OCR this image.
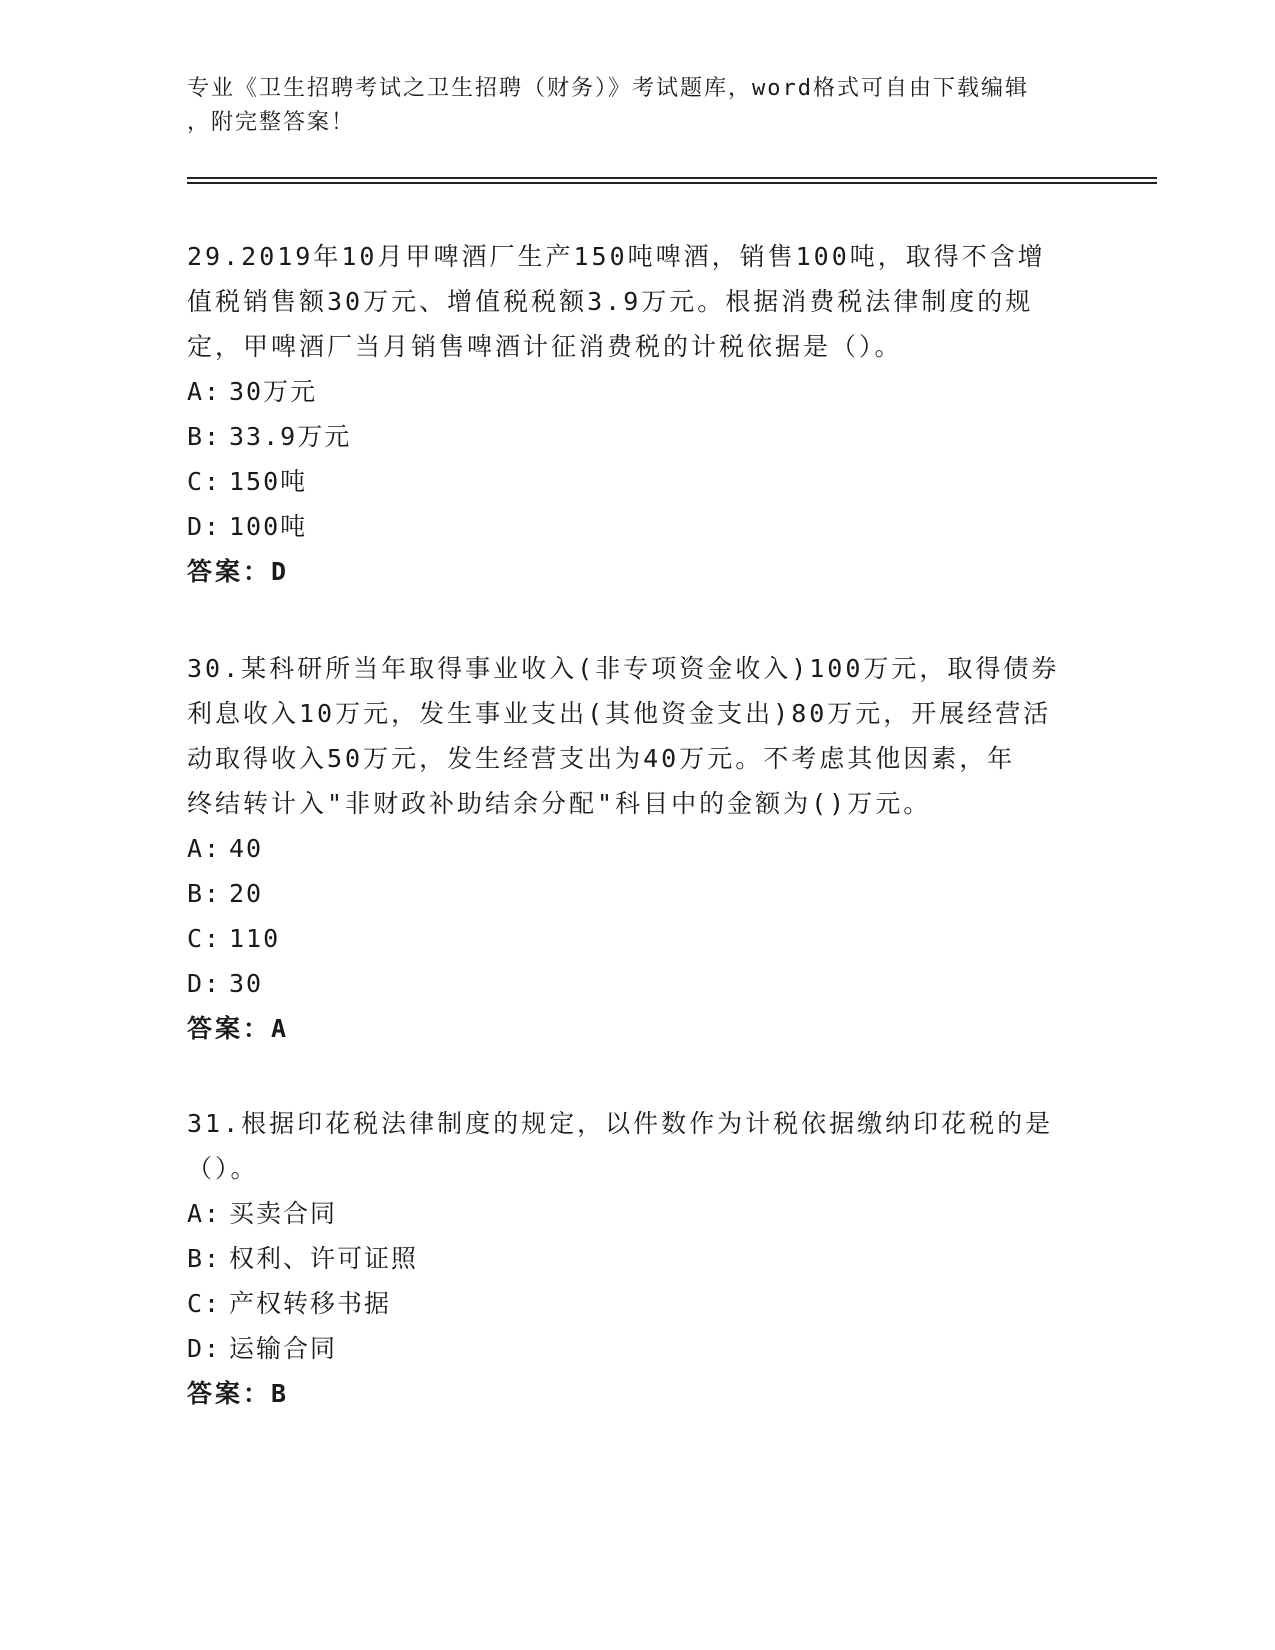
专业《卫生招聘考试之卫生招聘（财务）》考试题库，word格式可自由下载编辑
，附完整答案！
29.2019年10月甲啤酒厂生产150吨啤酒，销售100吨，取得不含增
值税销售额30万元、增值税税额3.9万元。根据消费税法律制度的规
定，甲啤酒厂当月销售啤酒计征消费税的计税依据是（）。
A: 30万元
B: 33.9万元
C: 150吨
D: 100吨
答案：D
30.某科研所当年取得事业收入(非专项资金收入)100万元，取得债券
利息收入10万元，发生事业支出(其他资金支出)80万元，开展经营活
动取得收入50万元，发生经营支出为40万元。不考虑其他因素，年
终结转计入"非财政补助结余分配"科目中的金额为()万元。
A: 40
B: 20
C: 110
D: 30
答案：A
31.根据印花税法律制度的规定，以件数作为计税依据缴纳印花税的是
（）。
A: 买卖合同
B: 权利、许可证照
C: 产权转移书据
D: 运输合同
答案：B
